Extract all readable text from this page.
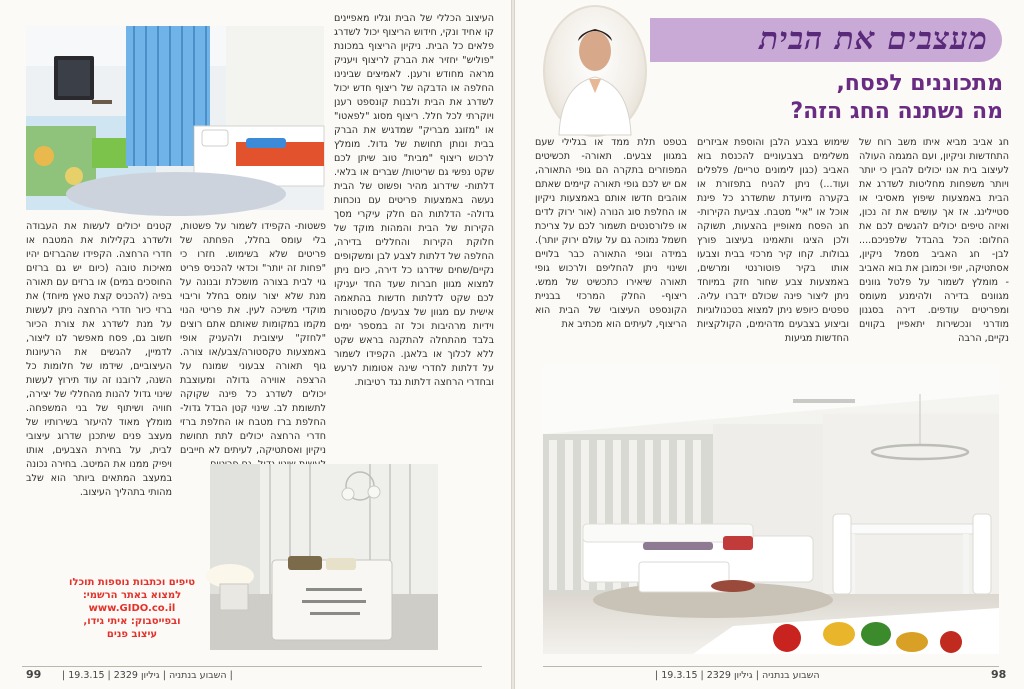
מעצבים את הבית
מתכוננים לפסח,
מה נשתנה החג הזה?

חג אביב מביא איתו משב רוח של התחדשות וניקיון, ועם המגמה העולה לעיצוב בית אנו יכולים להבין כי יותר ויותר משפחות מחליטות לשדרג את הבית באמצעות שיפוץ מאסיבי או סטיילינג. אז אך עושים את זה נכון, ואיזה טיפים יכולים להגשים לכם את החלום: הכל בהבדל שלפניכם.... לבן- חג האביב מסמל ניקיון, אסתטיקה, יופי וכמובן את בוא האביב - מומלץ לשמור על פלטל גוונים מגוונים בדירה ולהימנע מעומס ומפריטים עודפים. דירה בסגנון מודרני ונכשירות יתאפיין בקווים נקיים, הרבה

שימוש בצבע הלבן והוספת אביזרים משלימים בצבעוניים להכנסת בוא האביב (כגון לימונים טריים/ פלפלים ועוד...) ניתן להניח בתפזורת או בקערה מיועדת שתשדרג כל פינת אוכל או "אי" מטבח. צביעת הקירות- חג הפסח מאופיין בהצעות, תשוקה ולכן הציגו ותאמינו בעיצוב פורץ גבולות. קחו קיר מרכזי בבית וצבעו אותו בקיר פוטורנטי ומרשים, באמצעות צבע שחור חזק במיוחד ניתן ליצור פינה שכולם ידברו עליה. טפטים כיופש ניתן למצוא בטכנולוגיות וביצוע בצבעים מדהימים, הקולקציות החדשות מגיעות

בטפט תלת ממד או בגלילי שעם במגוון צבעים. תאורה- תכשיטים המפוזרים בתקרה הם גופי התאורה, אם יש לכם גופי תאורה קיימים שאתם אוהבים חדשו אותם באמצעות ניקיון או החלפת סוג הנורה (אור ירוק לדים או פלורסנטים תשמור לכם על צריכת חשמל נמוכה גם על עולם ירוק יותר). במידה וגופי התאורה כבר בלויים ושינוי ניתן להחליפם ולרכוש גופי תאורה שיאירו כתכשיט של ממש. ריצוף- החלק המרכזי בבניית הקונספט העיצובי של הבית הוא הריצוף, לעיתים הוא מכתיב את

השבוע בנתניה | גיליון 2329 | 19.3.15 |	98

העיצוב הכללי של הבית וגליו מאפיינים קו אחיד ונקי, חידוש הריצוף יכול לשדרג פלאים כל הבית. ניקיון הריצוף במכונת "פוליש" יחזיר את הברק לריצוף ויעניק מראה מחודש ורענן. לאמיצים שבינינו החלפה או הדבקה של ריצוף חדש יכול לשדרג את הבית ולבנות קונספט רענן ויוקרתי לכל חלל. ריצוף מסוג "לפאטו" או "מזוגג מבריק" שמדגיש את הברק בבית ונותן תחושת של גדול. מומלץ לרכוש ריצוף "מבית" טוב שיתן לכם שקט נפשי גם שריטות/ שברים או בלאי. דלתות- שידרוג מהיר ופשוט של הבית נעשה באמצעות פריטים עם נוכחות גדולה- הדלתות הם חלק עיקרי מסך הקירות של הבית והמהות מוקד של חלוקת הקירות והחללים בדירה, החלפה של דלתות לצבע לבן ומשקופים נקיים/שחים שידרגו כל דירה, כיום ניתן למצוא מגוון חברות שעד החד יעניקו לכם שקט לדלתות חדשות בהתאמה אישית עם מגוון של צבעים/ טקסטורות וידיות מרהיבות וכל זה במספר ימים בלבד מהתחלה להתקנה בראש שקט ללא לכלוך או בלאגן. הקפידו לשמור על דלתות לחדרי שינה אטומות לרעש ובחדרי הרחצה דלתות נגד רטיבות.

פשטות- הקפידו לשמור על פשטות, בלי עומס בחלל, הפחתה של פריטים שלא בשימוש. חזרו כי "פחות זה יותר" וכדאי להכניס פריט גוי לבית בצורה מושכלת ובנונה על מנת שלא יצור עומס בחלל וריבוי מוקדי משיכה לעין. את פריטי הנוי מקמו במקומות שאותם אתם רוצים "לחזק" עיצובית ולהעניק אופי באמצעות טקסטורה/צבע/או צורה. גוף תאורה צבעוני שמונח על הרצפה אווירה גדולה ומעוצבת יכולים לשדרג כל פינה שקוקה לתשומת לב. שינוי קטן הבדל גדול- החלפת ברז מטבח או החלפת ברזי חדרי הרחצה יכולים לתת תחושת ניקיון ואסתטיקה, לעיתים לא חייבים

קטנים יכולים לעשות את העבודה ולשדרג בקלילות את המטבח או חדרי הרחצה. הקפידו שהברזים יהיו מאיכות טובה (כיום יש גם ברזים החוסכים במים) או ברזים עם תאורה בפיה (להכניס קצת טאץ מיוחד) את ברזי כיור חדרי הרחצה ניתן לעשות על מנת לשדרג את צורת הכיור חשוב גם, פסח מאפשר לנו ליצור, לדמיין, להגשים את הרעיונות העיצוביים, שידמו של חלומות כל השנה, לרובנו זה עוד תירוץ לעשות שינוי גדול להנות מהחללי של יצירה, חוויה ושיתוף של בני המשפחה. מומלץ מאוד להיעזר בשירותיו של מעצב פנים שיתכנן שדרוג עיצובי לבית, על בחירת הצבעים, אותו ויפיק ממנו את המיטב. בחירה נכונה במעצב המתאים ביותר הוא שלב מהותי בתהליך העיצוב.

טיפים וכתבות נוספות תוכלו
למצוא באתר הרשמי:
www.GIDO.co.il
ובפייסבוק: איתי גידו,
עיצוב פנים
99 | השבוע בנתניה | גיליון 2329 | 19.3.15 |
